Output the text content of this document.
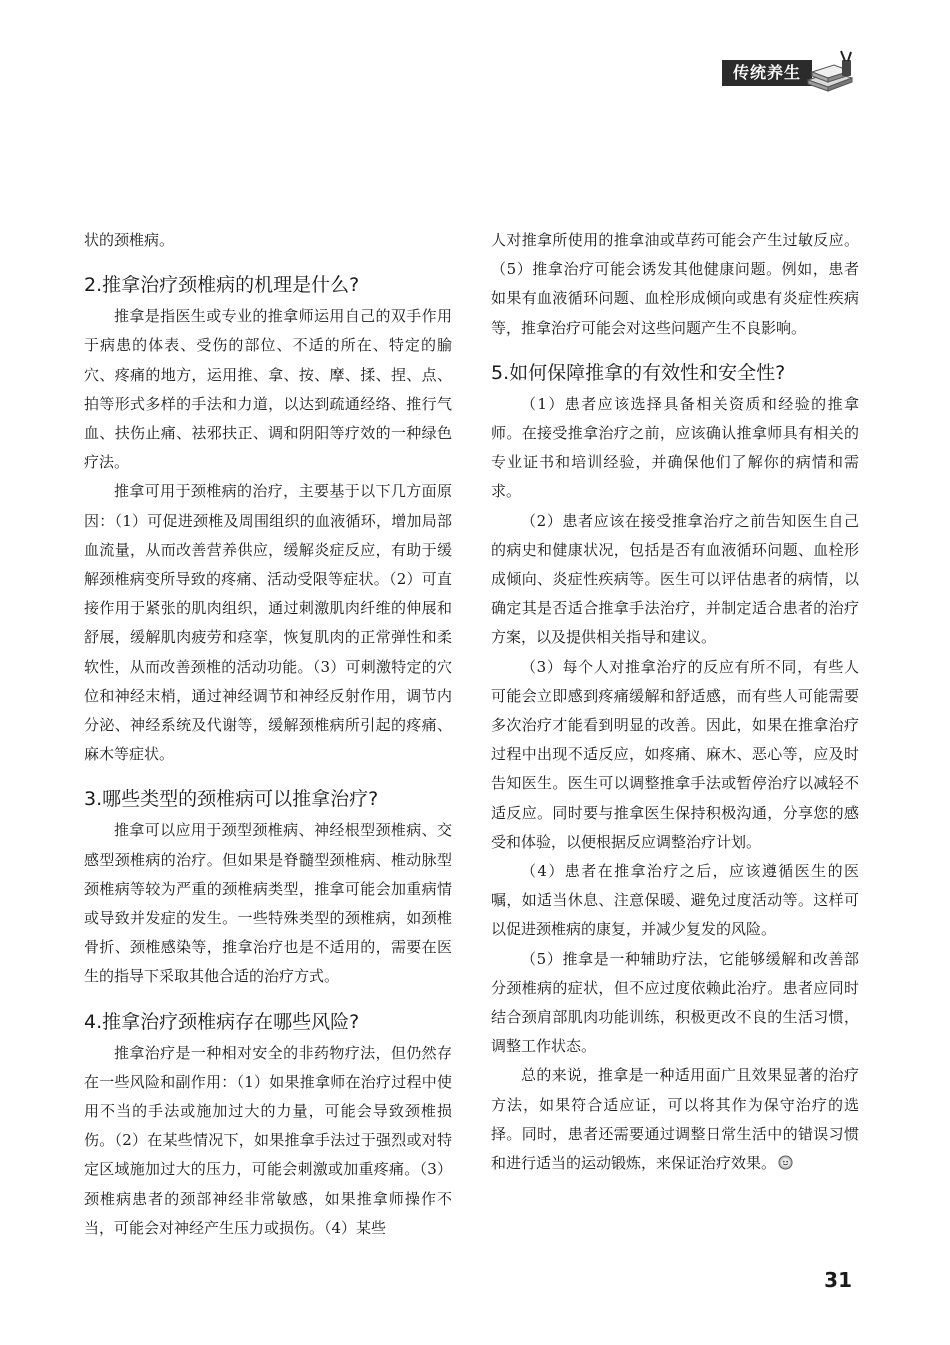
传统养生

状的颈椎病。

2.推拿治疗颈椎病的机理是什么?

推拿是指医生或专业的推拿师运用自己的双手作用于病患的体表、受伤的部位、不适的所在、特定的腧穴、疼痛的地方，运用推、拿、按、摩、揉、捏、点、拍等形式多样的手法和力道，以达到疏通经络、推行气血、扶伤止痛、祛邪扶正、调和阴阳等疗效的一种绿色疗法。

推拿可用于颈椎病的治疗，主要基于以下几方面原因：（1）可促进颈椎及周围组织的血液循环，增加局部血流量，从而改善营养供应，缓解炎症反应，有助于缓解颈椎病变所导致的疼痛、活动受限等症状。（2）可直接作用于紧张的肌肉组织，通过刺激肌肉纤维的伸展和舒展，缓解肌肉疲劳和痉挛，恢复肌肉的正常弹性和柔软性，从而改善颈椎的活动功能。（3）可刺激特定的穴位和神经末梢，通过神经调节和神经反射作用，调节内分泌、神经系统及代谢等，缓解颈椎病所引起的疼痛、麻木等症状。

3.哪些类型的颈椎病可以推拿治疗?

推拿可以应用于颈型颈椎病、神经根型颈椎病、交感型颈椎病的治疗。但如果是脊髓型颈椎病、椎动脉型颈椎病等较为严重的颈椎病类型，推拿可能会加重病情或导致并发症的发生。一些特殊类型的颈椎病，如颈椎骨折、颈椎感染等，推拿治疗也是不适用的，需要在医生的指导下采取其他合适的治疗方式。

4.推拿治疗颈椎病存在哪些风险?

推拿治疗是一种相对安全的非药物疗法，但仍然存在一些风险和副作用：（1）如果推拿师在治疗过程中使用不当的手法或施加过大的力量，可能会导致颈椎损伤。（2）在某些情况下，如果推拿手法过于强烈或对特定区域施加过大的压力，可能会刺激或加重疼痛。（3）颈椎病患者的颈部神经非常敏感，如果推拿师操作不当，可能会对神经产生压力或损伤。（4）某些

人对推拿所使用的推拿油或草药可能会产生过敏反应。（5）推拿治疗可能会诱发其他健康问题。例如，患者如果有血液循环问题、血栓形成倾向或患有炎症性疾病等，推拿治疗可能会对这些问题产生不良影响。

5.如何保障推拿的有效性和安全性?

（1）患者应该选择具备相关资质和经验的推拿师。在接受推拿治疗之前，应该确认推拿师具有相关的专业证书和培训经验，并确保他们了解你的病情和需求。

（2）患者应该在接受推拿治疗之前告知医生自己的病史和健康状况，包括是否有血液循环问题、血栓形成倾向、炎症性疾病等。医生可以评估患者的病情，以确定其是否适合推拿手法治疗，并制定适合患者的治疗方案，以及提供相关指导和建议。

（3）每个人对推拿治疗的反应有所不同，有些人可能会立即感到疼痛缓解和舒适感，而有些人可能需要多次治疗才能看到明显的改善。因此，如果在推拿治疗过程中出现不适反应，如疼痛、麻木、恶心等，应及时告知医生。医生可以调整推拿手法或暂停治疗以减轻不适反应。同时要与推拿医生保持积极沟通，分享您的感受和体验，以便根据反应调整治疗计划。

（4）患者在推拿治疗之后，应该遵循医生的医嘱，如适当休息、注意保暖、避免过度活动等。这样可以促进颈椎病的康复，并减少复发的风险。

（5）推拿是一种辅助疗法，它能够缓解和改善部分颈椎病的症状，但不应过度依赖此治疗。患者应同时结合颈肩部肌肉功能训练，积极更改不良的生活习惯，调整工作状态。

总的来说，推拿是一种适用面广且效果显著的治疗方法，如果符合适应证，可以将其作为保守治疗的选择。同时，患者还需要通过调整日常生活中的错误习惯和进行适当的运动锻炼，来保证治疗效果。

31
